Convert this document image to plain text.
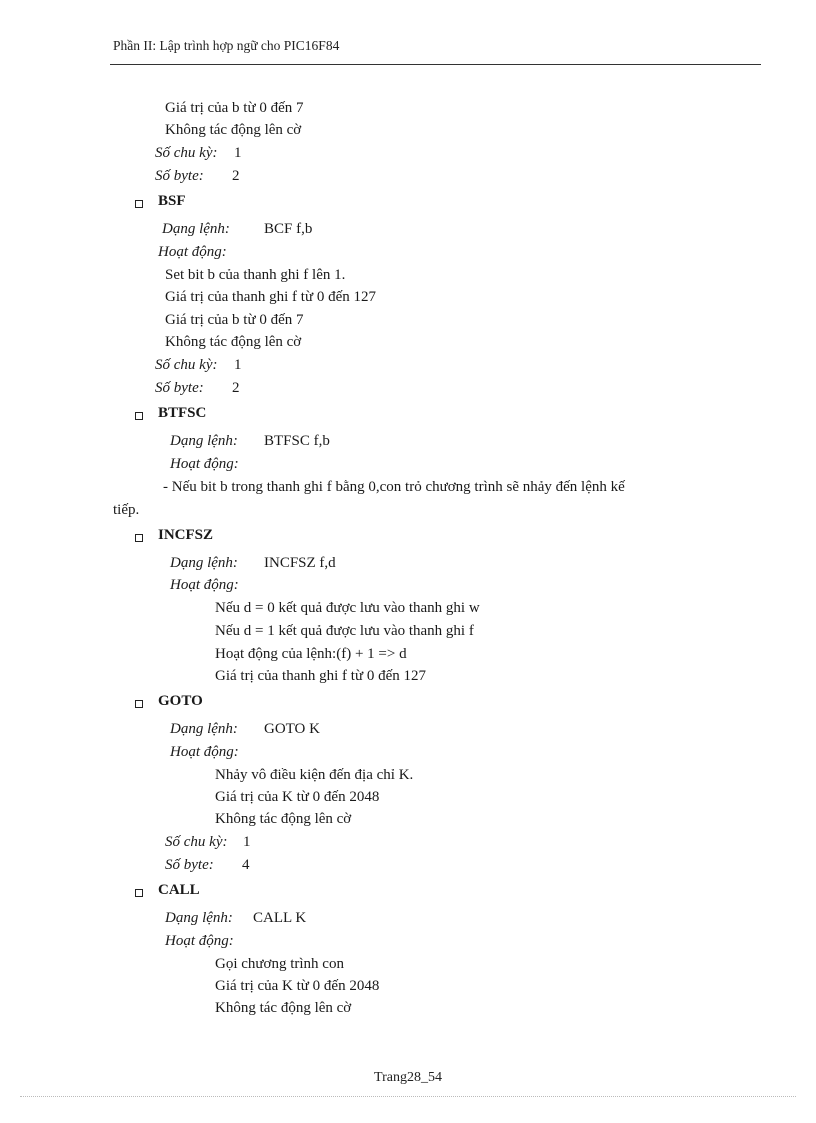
Phần II: Lập trình hợp ngữ cho PIC16F84
Giá trị của b từ 0 đến 7
Không tác động lên cờ
Số chu kỳ: 1
Số byte: 2
BSF
Dạng lệnh: BCF f,b
Hoạt động:
Set bit b của thanh ghi f lên 1.
Giá trị của thanh ghi f từ 0 đến 127
Giá trị của b từ 0 đến 7
Không tác động lên cờ
Số chu kỳ: 1
Số byte: 2
BTFSC
Dạng lệnh: BTFSC f,b
Hoạt động:
- Nếu bit b trong thanh ghi f bằng 0,con trỏ chương trình sẽ nhảy đến lệnh kế
tiếp.
INCFSZ
Dạng lệnh: INCFSZ f,d
Hoạt động:
Nếu d = 0 kết quả được lưu vào thanh ghi w
Nếu d = 1 kết quả được lưu vào thanh ghi f
Hoạt động của lệnh:(f) + 1 => d
Giá trị của thanh ghi f từ 0 đến 127
GOTO
Dạng lệnh: GOTO K
Hoạt động:
Nhảy vô điều kiện đến địa chỉ K.
Giá trị của K từ 0 đến 2048
Không tác động lên cờ
Số chu kỳ: 1
Số byte: 4
CALL
Dạng lệnh: CALL K
Hoạt động:
Gọi chương trình con
Giá trị của K từ 0 đến 2048
Không tác động lên cờ
Trang28_54
